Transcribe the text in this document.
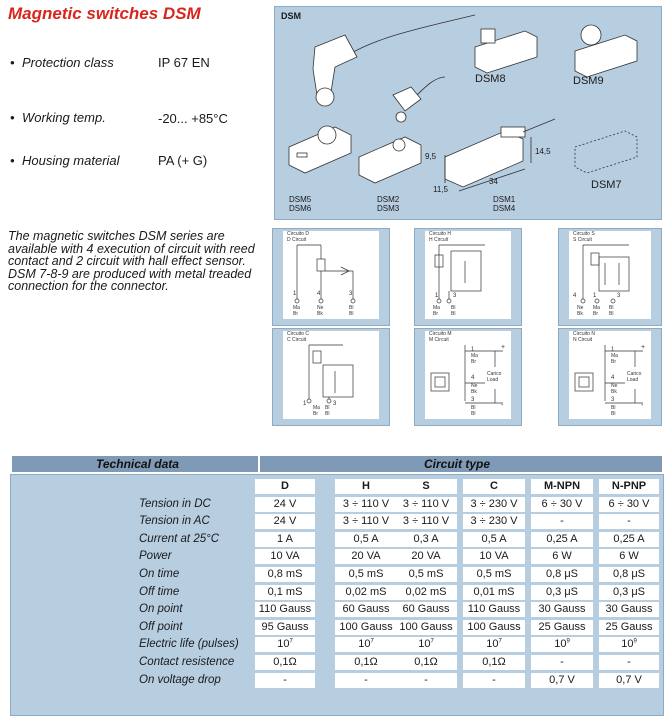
Magnetic switches DSM
• Protection class	IP 67 EN
• Working temp.	-20... +85°C
• Housing material	PA (+ G)

The magnetic switches DSM series are available with 4 execution of circuit with reed contact and 2 circuit with hall effect sensor.

DSM 7-8-9 are produced with metal treaded connection for the connector.

DSM
DSM8	DSM9
DSM7
DSM5
DSM6
DSM2
DSM3
DSM1
DSM4
9,5
14,5
11,5
34
Circuito D
D Circuit
1	4	3
Ma
Br
Ne
Bk
Bl
Bl
Circuito H
H Circuit
1 3
Ma
Br
Bl
Bl
Circuito S
S Circuit
4	1	3
Ne
Bk
Ma
Br
Bl
Bl
Circuito C
C Circuit
1	3
Ma
Br
Bl
Bl
Circuito M
M Circuit
+
-
1
4
3
Ma
Br
Ne
Bk
Bl
Bl
Carico
Load
Circuito N
N Circuit
+
-
1
4
3
Ma
Br
Ne
Bk
Bl
Bl
Carico
Load
Technical data	Circuit type
D	H	S	C	M-NPN	N-PNP
Tension in DC	24 V	3 ÷ 110 V	3 ÷ 110 V	3 ÷ 230 V	6 ÷ 30 V	6 ÷ 30 V
Tension in AC	24 V	3 ÷ 110 V	3 ÷ 110 V	3 ÷ 230 V	-	-
Current at 25°C	1 A	0,5 A	0,3 A	0,5 A	0,25 A	0,25 A
Power	10 VA	20 VA	20 VA	10 VA	6 W	6 W
On time	0,8 mS	0,5 mS	0,5 mS	0,5 mS	0,8 μS	0,8 μS
Off time	0,1 mS	0,02 mS	0,02 mS	0,01 mS	0,3 μS	0,3 μS
On point	110 Gauss	60 Gauss	60 Gauss	110 Gauss	30 Gauss	30 Gauss
Off point	95 Gauss	100 Gauss 100 Gauss	100 Gauss	25 Gauss	25 Gauss
Electric life (pulses)	$10^7$	$10^7$	$10^7$	$10^7$	$10^9$	$10^9$
Contact resistence	0,1Ω	0,1Ω	0,1Ω	0,1Ω	-	-
On voltage drop	-	-	-	-	0,7 V	0,7 V
